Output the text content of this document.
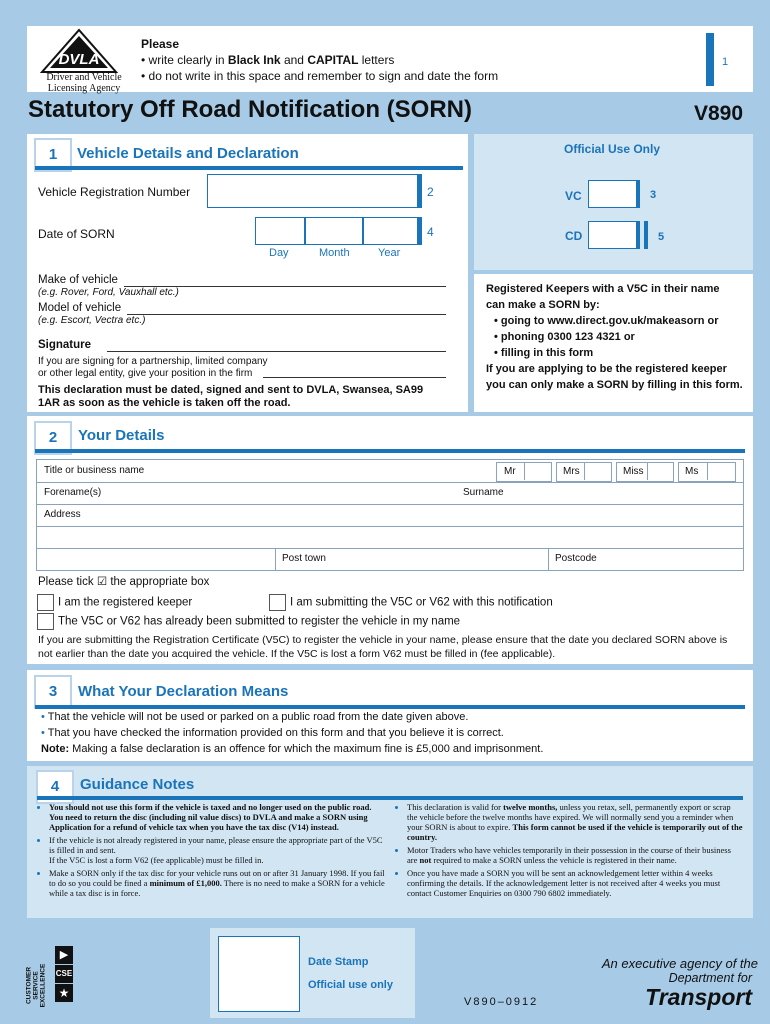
DVLA
Driver and Vehicle
Licensing Agency
Please
• write clearly in Black Ink and CAPITAL letters
• do not write in this space and remember to sign and date the form
1
Statutory Off Road Notification (SORN)	V890
1	Vehicle Details and Declaration
Vehicle Registration Number	2
Date of SORN	4
Day	Month	Year
Make of vehicle
(e.g. Rover, Ford, Vauxhall etc.)
Model of vehicle
(e.g. Escort, Vectra etc.)
Signature
If you are signing for a partnership, limited company
or other legal entity, give your position in the firm
This declaration must be dated, signed and sent to DVLA, Swansea, SA99 1AR as soon as the vehicle is taken off the road.
Official Use Only
VC	3
CD	5
Registered Keepers with a V5C in their name
can make a SORN by:
• going to www.direct.gov.uk/makeasorn or
• phoning 0300 123 4321 or
• filling in this form
If you are applying to be the registered keeper you can only make a SORN by filling in this form.
2	Your Details
Title or business name	Mr	Mrs	Miss	Ms
Forename(s)	Surname
Address
Post town	Postcode
Please tick ☑ the appropriate box
I am the registered keeper	I am submitting the V5C or V62 with this notification
The V5C or V62 has already been submitted to register the vehicle in my name
If you are submitting the Registration Certificate (V5C) to register the vehicle in your name, please ensure that the date you declared SORN above is not earlier than the date you acquired the vehicle. If the V5C is lost a form V62 must be filled in (fee applicable).
3	What Your Declaration Means
• That the vehicle will not be used or parked on a public road from the date given above.
• That you have checked the information provided on this form and that you believe it is correct.
Note: Making a false declaration is an offence for which the maximum fine is £5,000 and imprisonment.
4	Guidance Notes
• You should not use this form if the vehicle is taxed and no longer used on the public road. You need to return the disc (including nil value discs) to DVLA and make a SORN using Application for a refund of vehicle tax when you have the tax disc (V14) instead.
• If the vehicle is not already registered in your name, please ensure the appropriate part of the V5C is filled in and sent.
If the V5C is lost a form V62 (fee applicable) must be filled in.
• Make a SORN only if the tax disc for your vehicle runs out on or after 31 January 1998. If you fail to do so you could be fined a minimum of £1,000. There is no need to make a SORN for a vehicle while a tax disc is in force.
• This declaration is valid for twelve months, unless you retax, sell, permanently export or scrap the vehicle before the twelve months have expired. We will normally send you a reminder when your SORN is about to expire. This form cannot be used if the vehicle is temporarily out of the country.
• Motor Traders who have vehicles temporarily in their possession in the course of their business are not required to make a SORN unless the vehicle is registered in their name.
• Once you have made a SORN you will be sent an acknowledgement letter within 4 weeks confirming the details. If the acknowledgement letter is not received after 4 weeks you must contact Customer Enquiries on 0300 790 6802 immediately.
CUSTOMER SERVICE EXCELLENCE
▶
CSE
★
Date Stamp
Official use only
V890–0912
An executive agency of the
Department for
Transport
